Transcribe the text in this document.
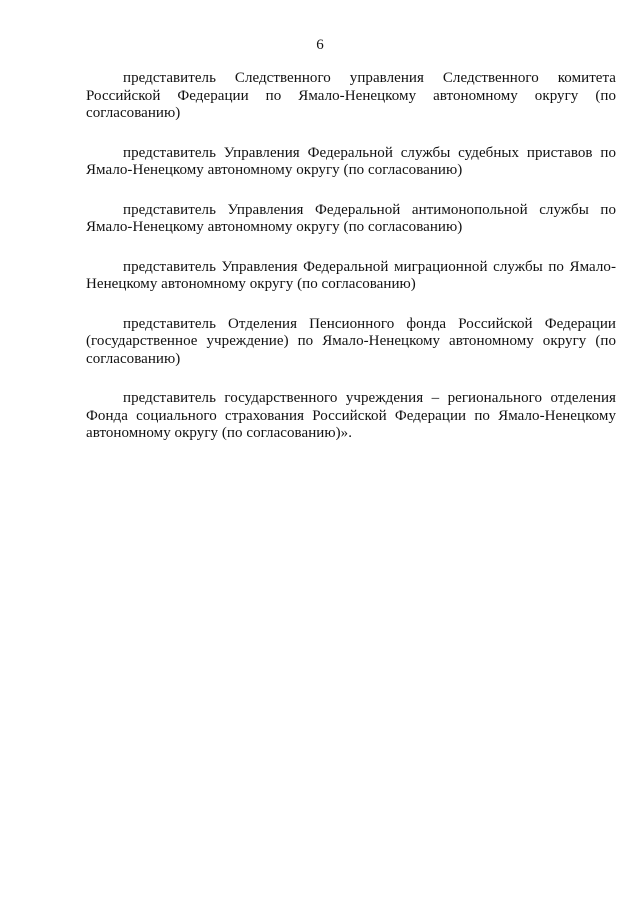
6

представитель Следственного управления Следственного комитета Российской Федерации по Ямало-Ненецкому автономному округу (по согласованию)

представитель Управления Федеральной службы судебных приставов по Ямало-Ненецкому автономному округу (по согласованию)

представитель Управления Федеральной антимонопольной службы по Ямало-Ненецкому автономному округу (по согласованию)

представитель Управления Федеральной миграционной службы по Ямало-Ненецкому автономному округу (по согласованию)

представитель Отделения Пенсионного фонда Российской Федерации (государственное учреждение) по Ямало-Ненецкому автономному округу (по согласованию)

представитель государственного учреждения – регионального отделения Фонда социального страхования Российской Федерации по Ямало-Ненецкому автономному округу (по согласованию)».
